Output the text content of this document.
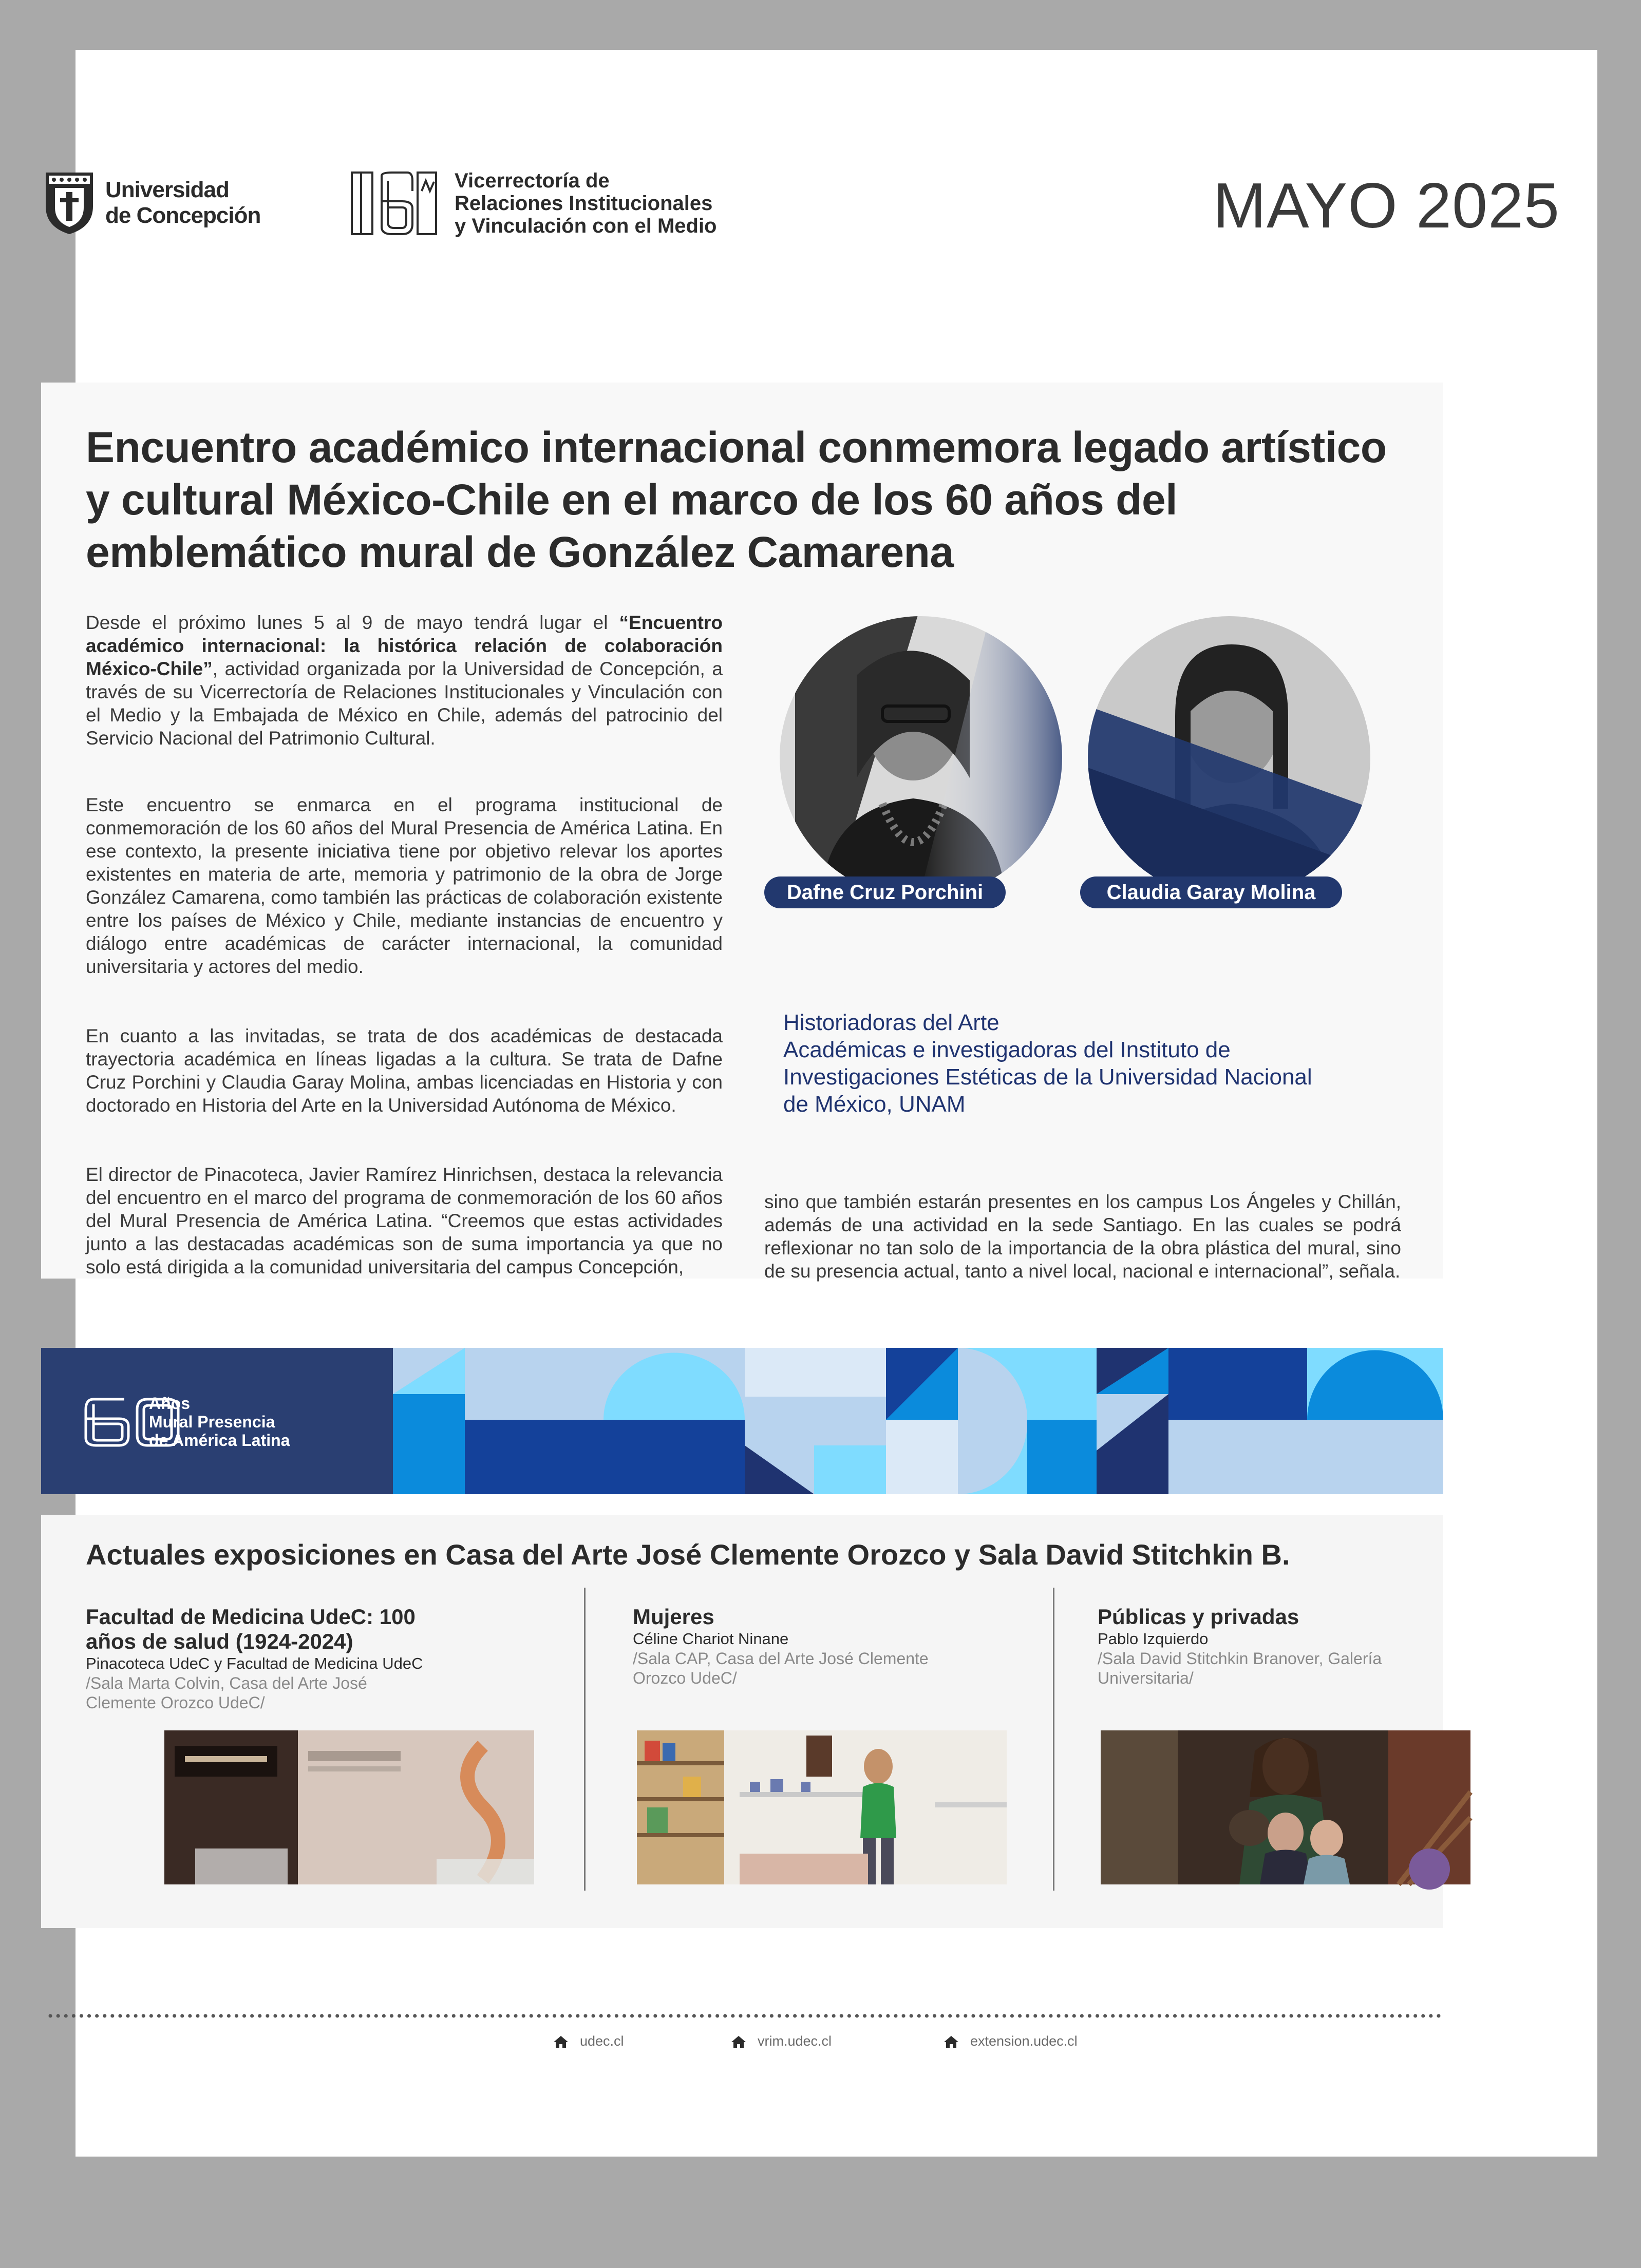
Universidad
de Concepción
Vicerrectoría de
Relaciones Institucionales
y Vinculación con el Medio	MAYO 2025
Encuentro académico internacional conmemora legado artístico y cultural México-Chile en el marco de los 60 años del emblemático mural de González Camarena
Desde el próximo lunes 5 al 9 de mayo tendrá lugar el “Encuentro académico internacional: la histórica relación de colaboración México-Chile”, actividad organizada por la Universidad de Concepción, a través de su Vicerrectoría de Relaciones Institucionales y Vinculación con el Medio y la Embajada de México en Chile, además del patrocinio del Servicio Nacional del Patrimonio Cultural.
Este encuentro se enmarca en el programa institucional de conmemoración de los 60 años del Mural Presencia de América Latina. En ese contexto, la presente iniciativa tiene por objetivo relevar los aportes existentes en materia de arte, memoria y patrimonio de la obra de Jorge González Camarena, como también las prácticas de colaboración existente entre los países de México y Chile, mediante instancias de encuentro y diálogo entre académicas de carácter internacional, la comunidad universitaria y actores del medio.
En cuanto a las invitadas, se trata de dos académicas de destacada trayectoria académica en líneas ligadas a la cultura. Se trata de Dafne Cruz Porchini y Claudia Garay Molina, ambas licenciadas en Historia y con doctorado en Historia del Arte en la Universidad Autónoma de México.
El director de Pinacoteca, Javier Ramírez Hinrichsen, destaca la relevancia del encuentro en el marco del programa de conmemoración de los 60 años del Mural Presencia de América Latina. “Creemos que estas actividades junto a las destacadas académicas son de suma importancia ya que no solo está dirigida a la comunidad universitaria del campus Concepción,
sino que también estarán presentes en los campus Los Ángeles y Chillán, además de una actividad en la sede Santiago. En las cuales se podrá reflexionar no tan solo de la importancia de la obra plástica del mural, sino de su presencia actual, tanto a nivel local, nacional e internacional”, señala.
Dafne Cruz Porchini	Claudia Garay Molina
Historiadoras del Arte
Académicas e investigadoras del Instituto de
Investigaciones Estéticas de la Universidad Nacional
de México, UNAM
Años
Mural Presencia
de América Latina
Actuales exposiciones en Casa del Arte José Clemente Orozco y Sala David Stitchkin B.
Facultad de Medicina UdeC: 100
años de salud (1924-2024)
Pinacoteca UdeC y Facultad de Medicina UdeC
/Sala Marta Colvin, Casa del Arte José
Clemente Orozco UdeC/
Mujeres
Céline Chariot Ninane
/Sala CAP, Casa del Arte José Clemente
Orozco UdeC/
Públicas y privadas
Pablo Izquierdo
/Sala David Stitchkin Branover, Galería
Universitaria/
udec.cl	vrim.udec.cl	extension.udec.cl
